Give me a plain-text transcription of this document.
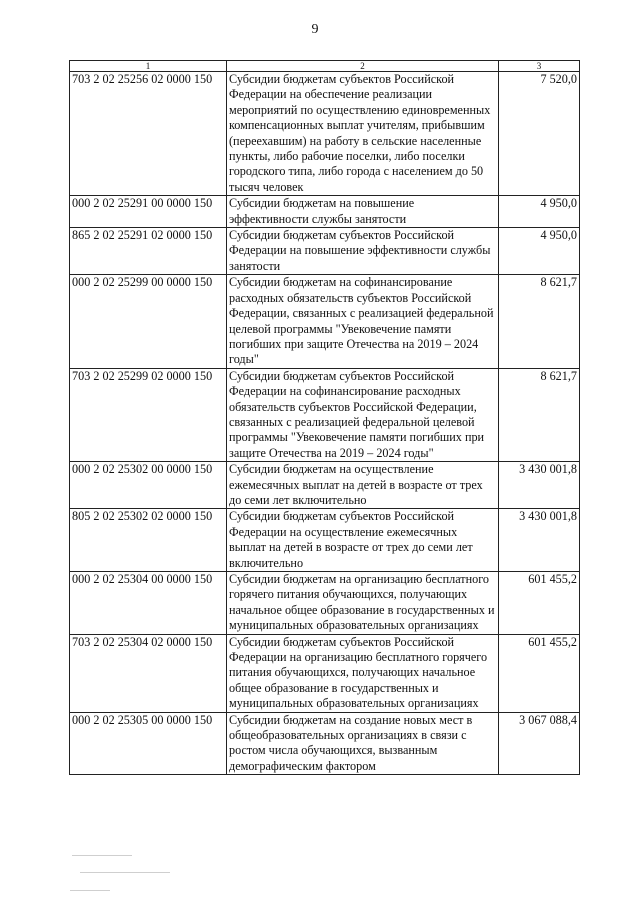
9
1	2	3
703 2 02 25256 02 0000 150	Субсидии бюджетам субъектов Российской Федерации на обеспечение реализации мероприятий по осуществлению единовременных компенсационных выплат учителям, прибывшим (переехавшим) на работу в сельские населенные пункты, либо рабочие поселки, либо поселки городского типа, либо города с населением до 50 тысяч человек	7 520,0
000 2 02 25291 00 0000 150	Субсидии бюджетам на повышение эффективности службы занятости	4 950,0
865 2 02 25291 02 0000 150	Субсидии бюджетам субъектов Российской Федерации на повышение эффективности службы занятости	4 950,0
000 2 02 25299 00 0000 150	Субсидии бюджетам на софинансирование расходных обязательств субъектов Российской Федерации, связанных с реализацией федеральной целевой программы "Увековечение памяти погибших при защите Отечества на 2019 – 2024 годы"	8 621,7
703 2 02 25299 02 0000 150	Субсидии бюджетам субъектов Российской Федерации на софинансирование расходных обязательств субъектов Российской Федерации, связанных с реализацией федеральной целевой программы "Увековечение памяти погибших при защите Отечества на 2019 – 2024 годы"	8 621,7
000 2 02 25302 00 0000 150	Субсидии бюджетам на осуществление ежемесячных выплат на детей в возрасте от трех до семи лет включительно	3 430 001,8
805 2 02 25302 02 0000 150	Субсидии бюджетам субъектов Российской Федерации на осуществление ежемесячных выплат на детей в возрасте от трех до семи лет включительно	3 430 001,8
000 2 02 25304 00 0000 150	Субсидии бюджетам на организацию бесплатного горячего питания обучающихся, получающих начальное общее образование в государственных и муниципальных образовательных организациях	601 455,2
703 2 02 25304 02 0000 150	Субсидии бюджетам субъектов Российской Федерации на организацию бесплатного горячего питания обучающихся, получающих начальное общее образование в государственных и муниципальных образовательных организациях	601 455,2
000 2 02 25305 00 0000 150	Субсидии бюджетам на создание новых мест в общеобразовательных организациях в связи с ростом числа обучающихся, вызванным демографическим фактором	3 067 088,4
